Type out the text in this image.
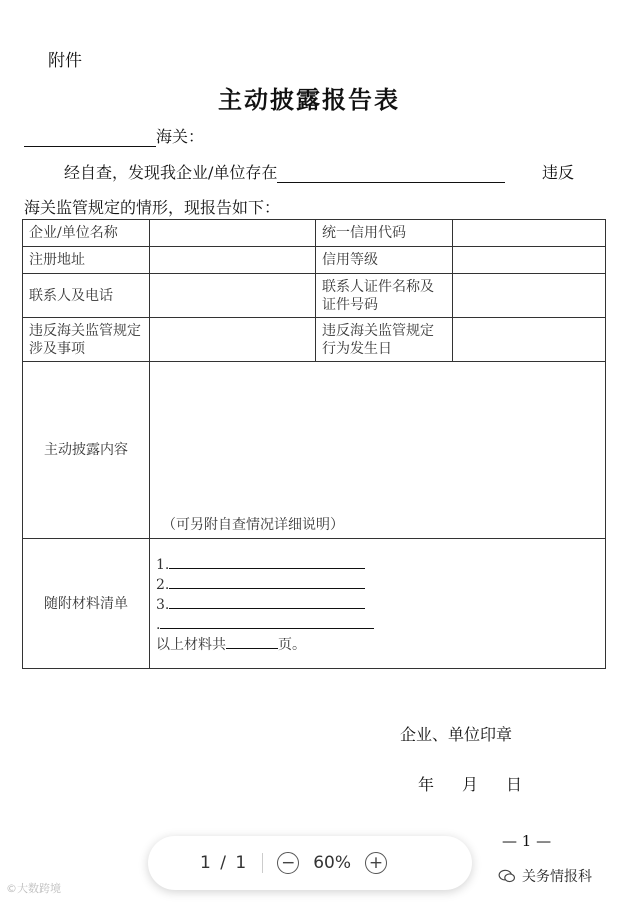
附件
主动披露报告表
海关：
经自查，发现我企业/单位存在	违反
海关监管规定的情形，现报告如下：
企业/单位名称		统一信用代码	
注册地址		信用等级	
联系人及电话		联系人证件名称及证件号码	
违反海关监管规定涉及事项		违反海关监管规定行为发生日	
主动披露内容	（可另附自查情况详细说明）		

随附材料清单	1.
2.
3.
.
以上材料共 页。		
企业、单位印章
年 月 日
— 1 —
1 / 1 − 60% +
©大数跨境
关务情报科
